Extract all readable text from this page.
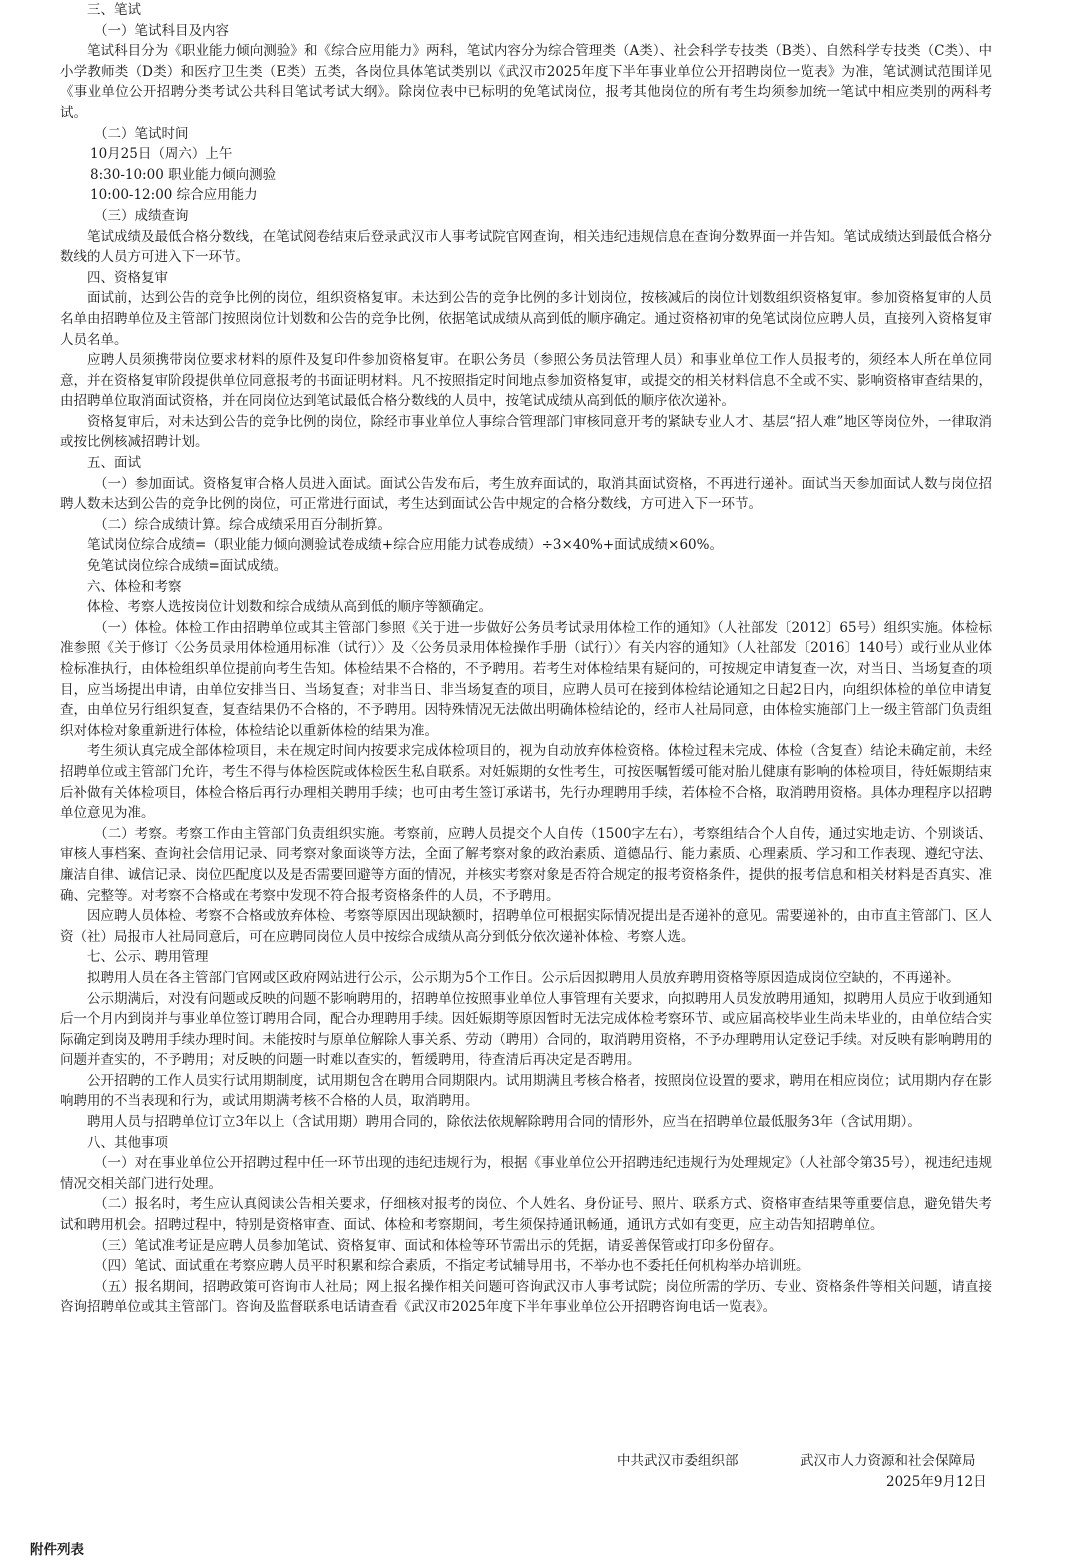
三、笔试

（一）笔试科目及内容

笔试科目分为《职业能力倾向测验》和《综合应用能力》两科，笔试内容分为综合管理类（A类）、社会科学专技类（B类）、自然科学专技类（C类）、中小学教师类（D类）和医疗卫生类（E类）五类，各岗位具体笔试类别以《武汉市2025年度下半年事业单位公开招聘岗位一览表》为准，笔试测试范围详见《事业单位公开招聘分类考试公共科目笔试考试大纲》。除岗位表中已标明的免笔试岗位，报考其他岗位的所有考生均须参加统一笔试中相应类别的两科考试。

（二）笔试时间

10月25日（周六）上午

8:30-10:00 职业能力倾向测验

10:00-12:00 综合应用能力

（三）成绩查询

笔试成绩及最低合格分数线，在笔试阅卷结束后登录武汉市人事考试院官网查询，相关违纪违规信息在查询分数界面一并告知。笔试成绩达到最低合格分数线的人员方可进入下一环节。

四、资格复审

面试前，达到公告的竞争比例的岗位，组织资格复审。未达到公告的竞争比例的多计划岗位，按核减后的岗位计划数组织资格复审。参加资格复审的人员名单由招聘单位及主管部门按照岗位计划数和公告的竞争比例，依据笔试成绩从高到低的顺序确定。通过资格初审的免笔试岗位应聘人员，直接列入资格复审人员名单。

应聘人员须携带岗位要求材料的原件及复印件参加资格复审。在职公务员（参照公务员法管理人员）和事业单位工作人员报考的，须经本人所在单位同意，并在资格复审阶段提供单位同意报考的书面证明材料。凡不按照指定时间地点参加资格复审，或提交的相关材料信息不全或不实、影响资格审查结果的，由招聘单位取消面试资格，并在同岗位达到笔试最低合格分数线的人员中，按笔试成绩从高到低的顺序依次递补。

资格复审后，对未达到公告的竞争比例的岗位，除经市事业单位人事综合管理部门审核同意开考的紧缺专业人才、基层“招人难”地区等岗位外，一律取消或按比例核减招聘计划。

五、面试

（一）参加面试。资格复审合格人员进入面试。面试公告发布后，考生放弃面试的，取消其面试资格，不再进行递补。面试当天参加面试人数与岗位招聘人数未达到公告的竞争比例的岗位，可正常进行面试，考生达到面试公告中规定的合格分数线，方可进入下一环节。

（二）综合成绩计算。综合成绩采用百分制折算。

笔试岗位综合成绩=（职业能力倾向测验试卷成绩+综合应用能力试卷成绩）÷3×40%+面试成绩×60%。

免笔试岗位综合成绩=面试成绩。

六、体检和考察

体检、考察人选按岗位计划数和综合成绩从高到低的顺序等额确定。

（一）体检。体检工作由招聘单位或其主管部门参照《关于进一步做好公务员考试录用体检工作的通知》（人社部发〔2012〕65号）组织实施。体检标准参照《关于修订〈公务员录用体检通用标准（试行）〉及〈公务员录用体检操作手册（试行）〉有关内容的通知》（人社部发〔2016〕140号）或行业从业体检标准执行，由体检组织单位提前向考生告知。体检结果不合格的，不予聘用。若考生对体检结果有疑问的，可按规定申请复查一次，对当日、当场复查的项目，应当场提出申请，由单位安排当日、当场复查；对非当日、非当场复查的项目，应聘人员可在接到体检结论通知之日起2日内，向组织体检的单位申请复查，由单位另行组织复查，复查结果仍不合格的，不予聘用。因特殊情况无法做出明确体检结论的，经市人社局同意，由体检实施部门上一级主管部门负责组织对体检对象重新进行体检，体检结论以重新体检的结果为准。

考生须认真完成全部体检项目，未在规定时间内按要求完成体检项目的，视为自动放弃体检资格。体检过程未完成、体检（含复查）结论未确定前，未经招聘单位或主管部门允许，考生不得与体检医院或体检医生私自联系。对妊娠期的女性考生，可按医嘱暂缓可能对胎儿健康有影响的体检项目，待妊娠期结束后补做有关体检项目，体检合格后再行办理相关聘用手续；也可由考生签订承诺书，先行办理聘用手续，若体检不合格，取消聘用资格。具体办理程序以招聘单位意见为准。

（二）考察。考察工作由主管部门负责组织实施。考察前，应聘人员提交个人自传（1500字左右），考察组结合个人自传，通过实地走访、个别谈话、审核人事档案、查询社会信用记录、同考察对象面谈等方法，全面了解考察对象的政治素质、道德品行、能力素质、心理素质、学习和工作表现、遵纪守法、廉洁自律、诚信记录、岗位匹配度以及是否需要回避等方面的情况，并核实考察对象是否符合规定的报考资格条件，提供的报考信息和相关材料是否真实、准确、完整等。对考察不合格或在考察中发现不符合报考资格条件的人员，不予聘用。

因应聘人员体检、考察不合格或放弃体检、考察等原因出现缺额时，招聘单位可根据实际情况提出是否递补的意见。需要递补的，由市直主管部门、区人资（社）局报市人社局同意后，可在应聘同岗位人员中按综合成绩从高分到低分依次递补体检、考察人选。

七、公示、聘用管理

拟聘用人员在各主管部门官网或区政府网站进行公示，公示期为5个工作日。公示后因拟聘用人员放弃聘用资格等原因造成岗位空缺的，不再递补。

公示期满后，对没有问题或反映的问题不影响聘用的，招聘单位按照事业单位人事管理有关要求，向拟聘用人员发放聘用通知，拟聘用人员应于收到通知后一个月内到岗并与事业单位签订聘用合同，配合办理聘用手续。因妊娠期等原因暂时无法完成体检考察环节、或应届高校毕业生尚未毕业的，由单位结合实际确定到岗及聘用手续办理时间。未能按时与原单位解除人事关系、劳动（聘用）合同的，取消聘用资格，不予办理聘用认定登记手续。对反映有影响聘用的问题并查实的，不予聘用；对反映的问题一时难以查实的，暂缓聘用，待查清后再决定是否聘用。

公开招聘的工作人员实行试用期制度，试用期包含在聘用合同期限内。试用期满且考核合格者，按照岗位设置的要求，聘用在相应岗位；试用期内存在影响聘用的不当表现和行为，或试用期满考核不合格的人员，取消聘用。

聘用人员与招聘单位订立3年以上（含试用期）聘用合同的，除依法依规解除聘用合同的情形外，应当在招聘单位最低服务3年（含试用期）。

八、其他事项

（一）对在事业单位公开招聘过程中任一环节出现的违纪违规行为，根据《事业单位公开招聘违纪违规行为处理规定》（人社部令第35号），视违纪违规情况交相关部门进行处理。

（二）报名时，考生应认真阅读公告相关要求，仔细核对报考的岗位、个人姓名、身份证号、照片、联系方式、资格审查结果等重要信息，避免错失考试和聘用机会。招聘过程中，特别是资格审查、面试、体检和考察期间，考生须保持通讯畅通，通讯方式如有变更，应主动告知招聘单位。

（三）笔试准考证是应聘人员参加笔试、资格复审、面试和体检等环节需出示的凭据，请妥善保管或打印多份留存。

（四）笔试、面试重在考察应聘人员平时积累和综合素质，不指定考试辅导用书，不举办也不委托任何机构举办培训班。

（五）报名期间，招聘政策可咨询市人社局；网上报名操作相关问题可咨询武汉市人事考试院；岗位所需的学历、专业、资格条件等相关问题，请直接咨询招聘单位或其主管部门。咨询及监督联系电话请查看《武汉市2025年度下半年事业单位公开招聘咨询电话一览表》。

中共武汉市委组织部	武汉市人力资源和社会保障局
2025年9月12日
附件列表
